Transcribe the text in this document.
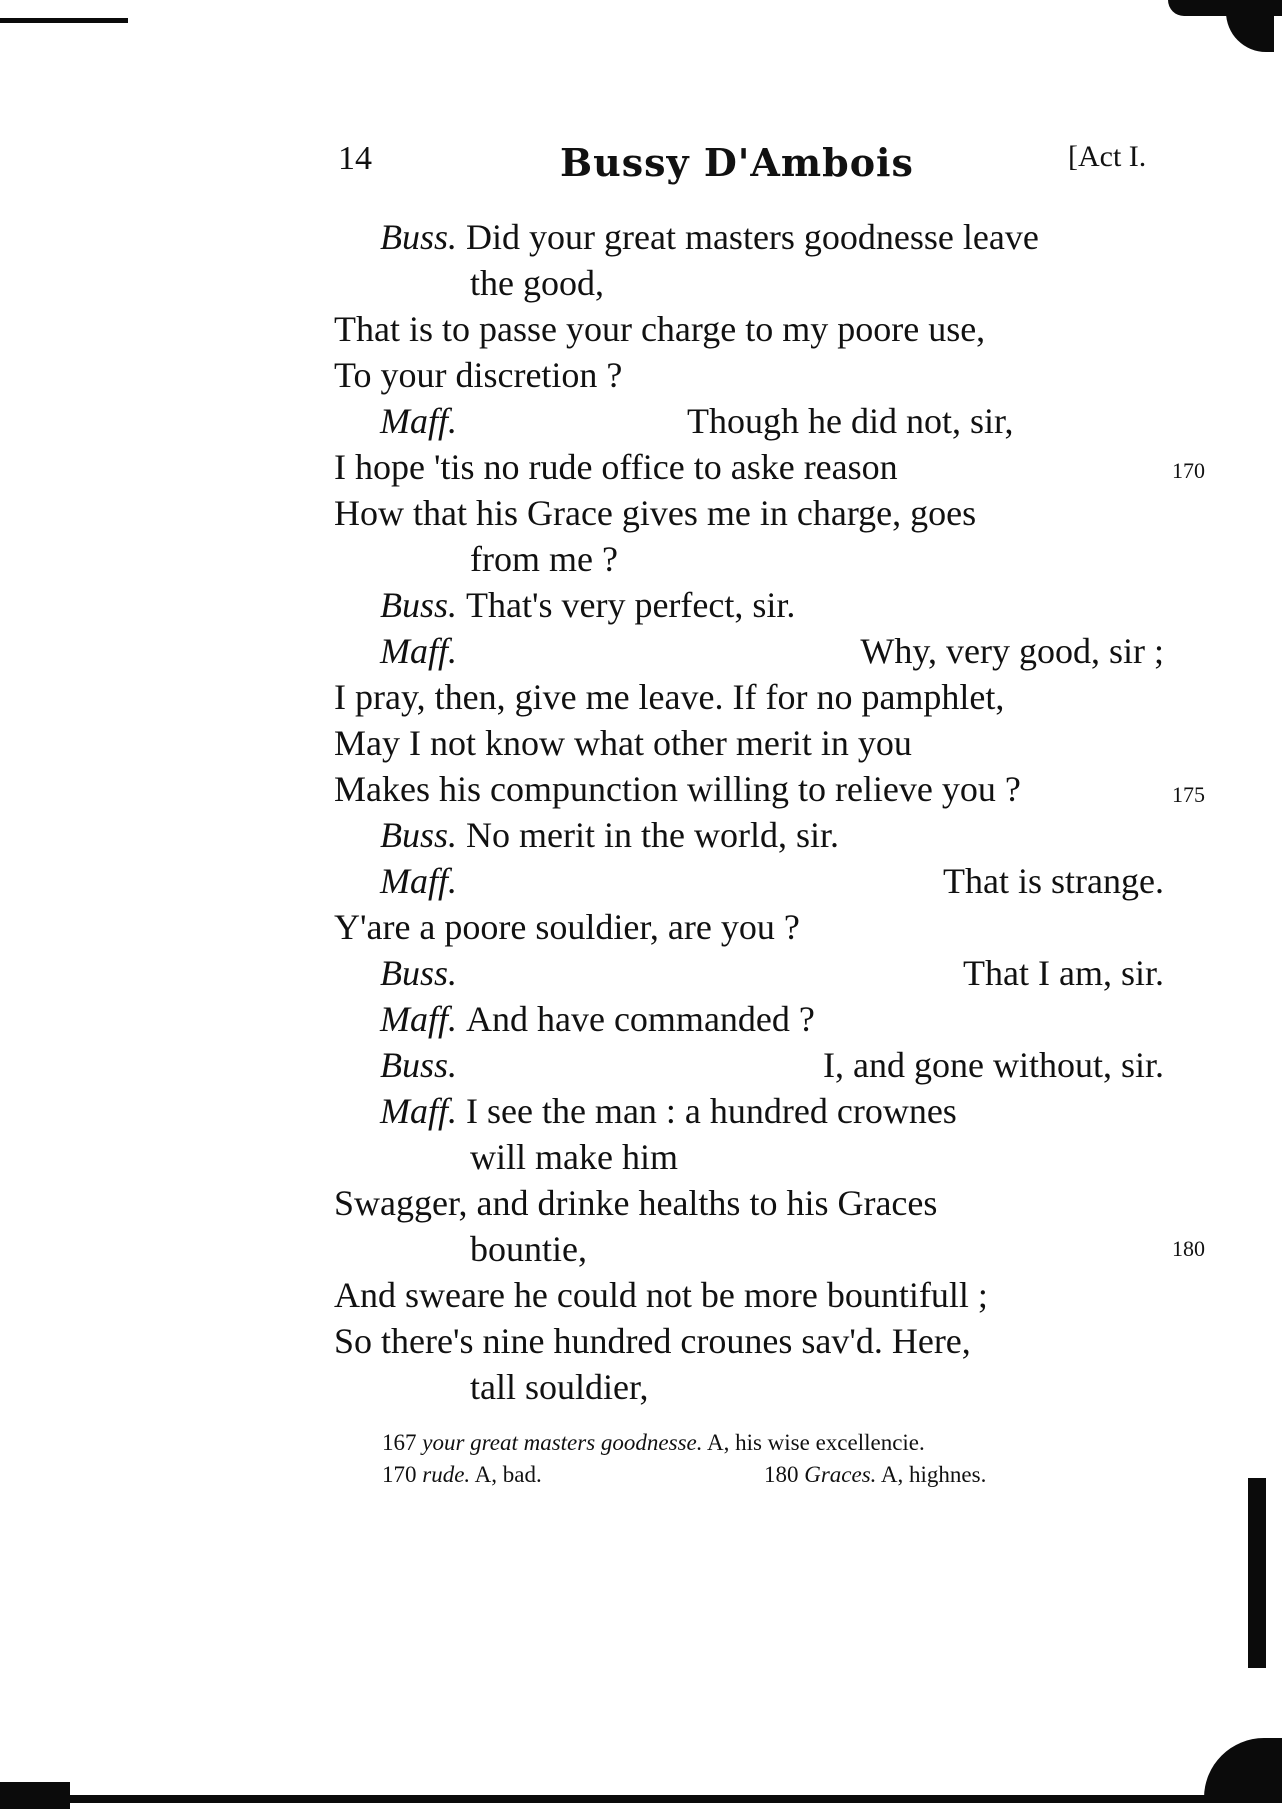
14	Bussy D'Ambois	[Act I.
Buss.
Did your great masters goodnesse leave
the good,
That is to passe your charge to my poore use,
To your discretion ?
Maff.	Though he did not, sir,
I hope 'tis no rude office to aske reason	170
How that his Grace gives me in charge, goes
from me ?
Buss.
That's very perfect, sir.
Maff.	Why, very good, sir ;
I pray, then, give me leave. If for no pamphlet,
May I not know what other merit in you
Makes his compunction willing to relieve you ?	175
Buss.
No merit in the world, sir.
Maff.	That is strange.
Y'are a poore souldier, are you ?
Buss.	That I am, sir.
Maff.
And have commanded ?
Buss.	I, and gone without, sir.
Maff.
I see the man : a hundred crownes
will make him
Swagger, and drinke healths to his Graces
bountie,	180
And sweare he could not be more bountifull ;
So there's nine hundred crounes sav'd. Here,
tall souldier,
167 your great masters goodnesse. A, his wise excellencie.
170 rude. A, bad.	180 Graces. A, highnes.
